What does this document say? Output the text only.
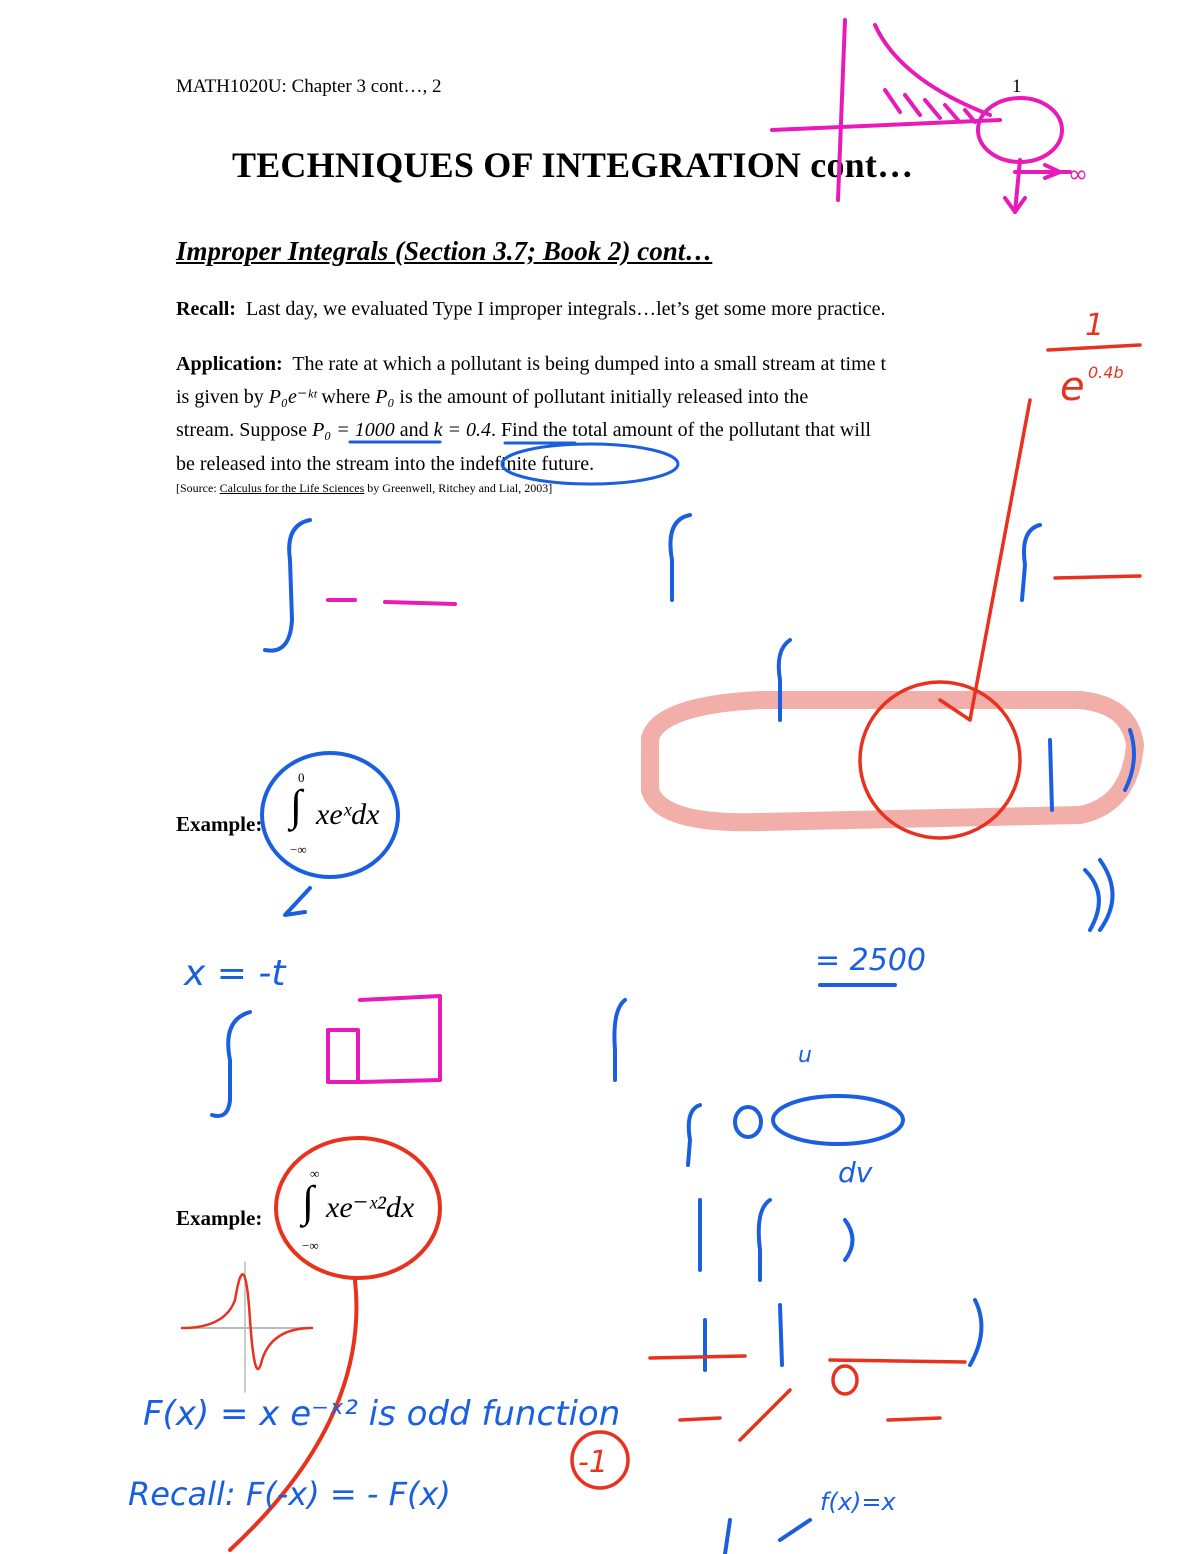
MATH1020U: Chapter 3 cont…, 2	1
TECHNIQUES OF INTEGRATION cont…
Improper Integrals (Section 3.7; Book 2) cont…
Recall: Last day, we evaluated Type I improper integrals…let’s get some more practice.
Application: The rate at which a pollutant is being dumped into a small stream at time t
is given by P₀e⁻ᵏᵗ where P₀ is the amount of pollutant initially released into the
stream. Suppose P₀ = 1000 and k = 0.4. Find the total amount of the pollutant that will
be released into the stream into the indefinite future.
[Source: Calculus for the Life Sciences by Greenwell, Ritchey and Lial, 2003]
Example:
0
∫ xeˣdx
−∞
Example:
∞
∫ xe⁻ˣ²dx
−∞
∞
1
e 0.4b
x = -t	= 2500
F(x) = x e⁻ˣ² is odd function
Recall: F(-x) = - F(x)
-1
f(x)=x
u
dv
